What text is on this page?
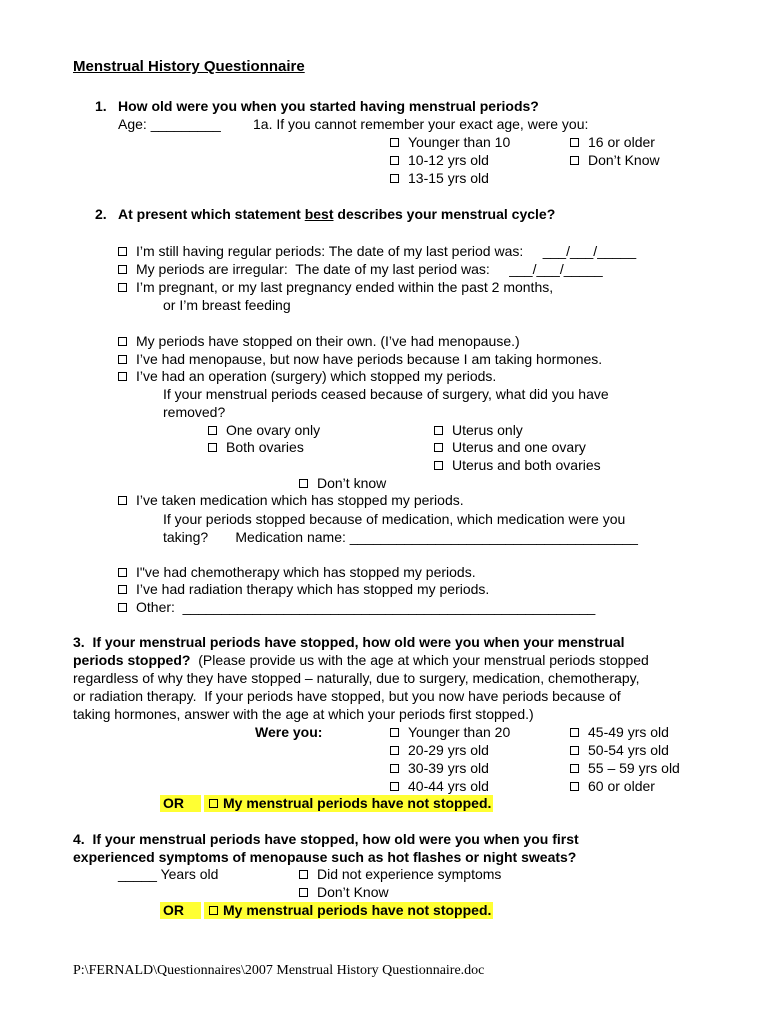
Menstrual History Questionnaire
1. How old were you when you started having menstrual periods?
Age: _________ 1a. If you cannot remember your exact age, were you:
Younger than 10
10-12 yrs old
13-15 yrs old
16 or older
Don’t Know
2. At present which statement best describes your menstrual cycle?
I’m still having regular periods: The date of my last period was:     ___/___/_____
My periods are irregular:  The date of my last period was:     ___/___/_____
I’m pregnant, or my last pregnancy ended within the past 2 months,
or I’m breast feeding
My periods have stopped on their own. (I’ve had menopause.)
I’ve had menopause, but now have periods because I am taking hormones.
I’ve had an operation (surgery) which stopped my periods.
If your menstrual periods ceased because of surgery, what did you have
removed?
One ovary only
Both ovaries
Uterus only
Uterus and one ovary
Uterus and both ovaries
Don’t know
I’ve taken medication which has stopped my periods.
If your periods stopped because of medication, which medication were you
taking?       Medication name: _____________________________________
I"ve had chemotherapy which has stopped my periods.
I’ve had radiation therapy which has stopped my periods.
Other:  _____________________________________________________
3.  If your menstrual periods have stopped, how old were you when your menstrual
periods stopped?  (Please provide us with the age at which your menstrual periods stopped
regardless of why they have stopped – naturally, due to surgery, medication, chemotherapy,
or radiation therapy.  If your periods have stopped, but you now have periods because of
taking hormones, answer with the age at which your periods first stopped.)
Were you:	Younger than 20
20-29 yrs old
30-39 yrs old
40-44 yrs old
45-49 yrs old
50-54 yrs old
55 – 59 yrs old
60 or older
OR	My menstrual periods have not stopped.
4.  If your menstrual periods have stopped, how old were you when you first
experienced symptoms of menopause such as hot flashes or night sweats?
_____ Years old	Did not experience symptoms
Don’t Know
OR	My menstrual periods have not stopped.
P:\FERNALD\Questionnaires\2007 Menstrual History Questionnaire.doc
